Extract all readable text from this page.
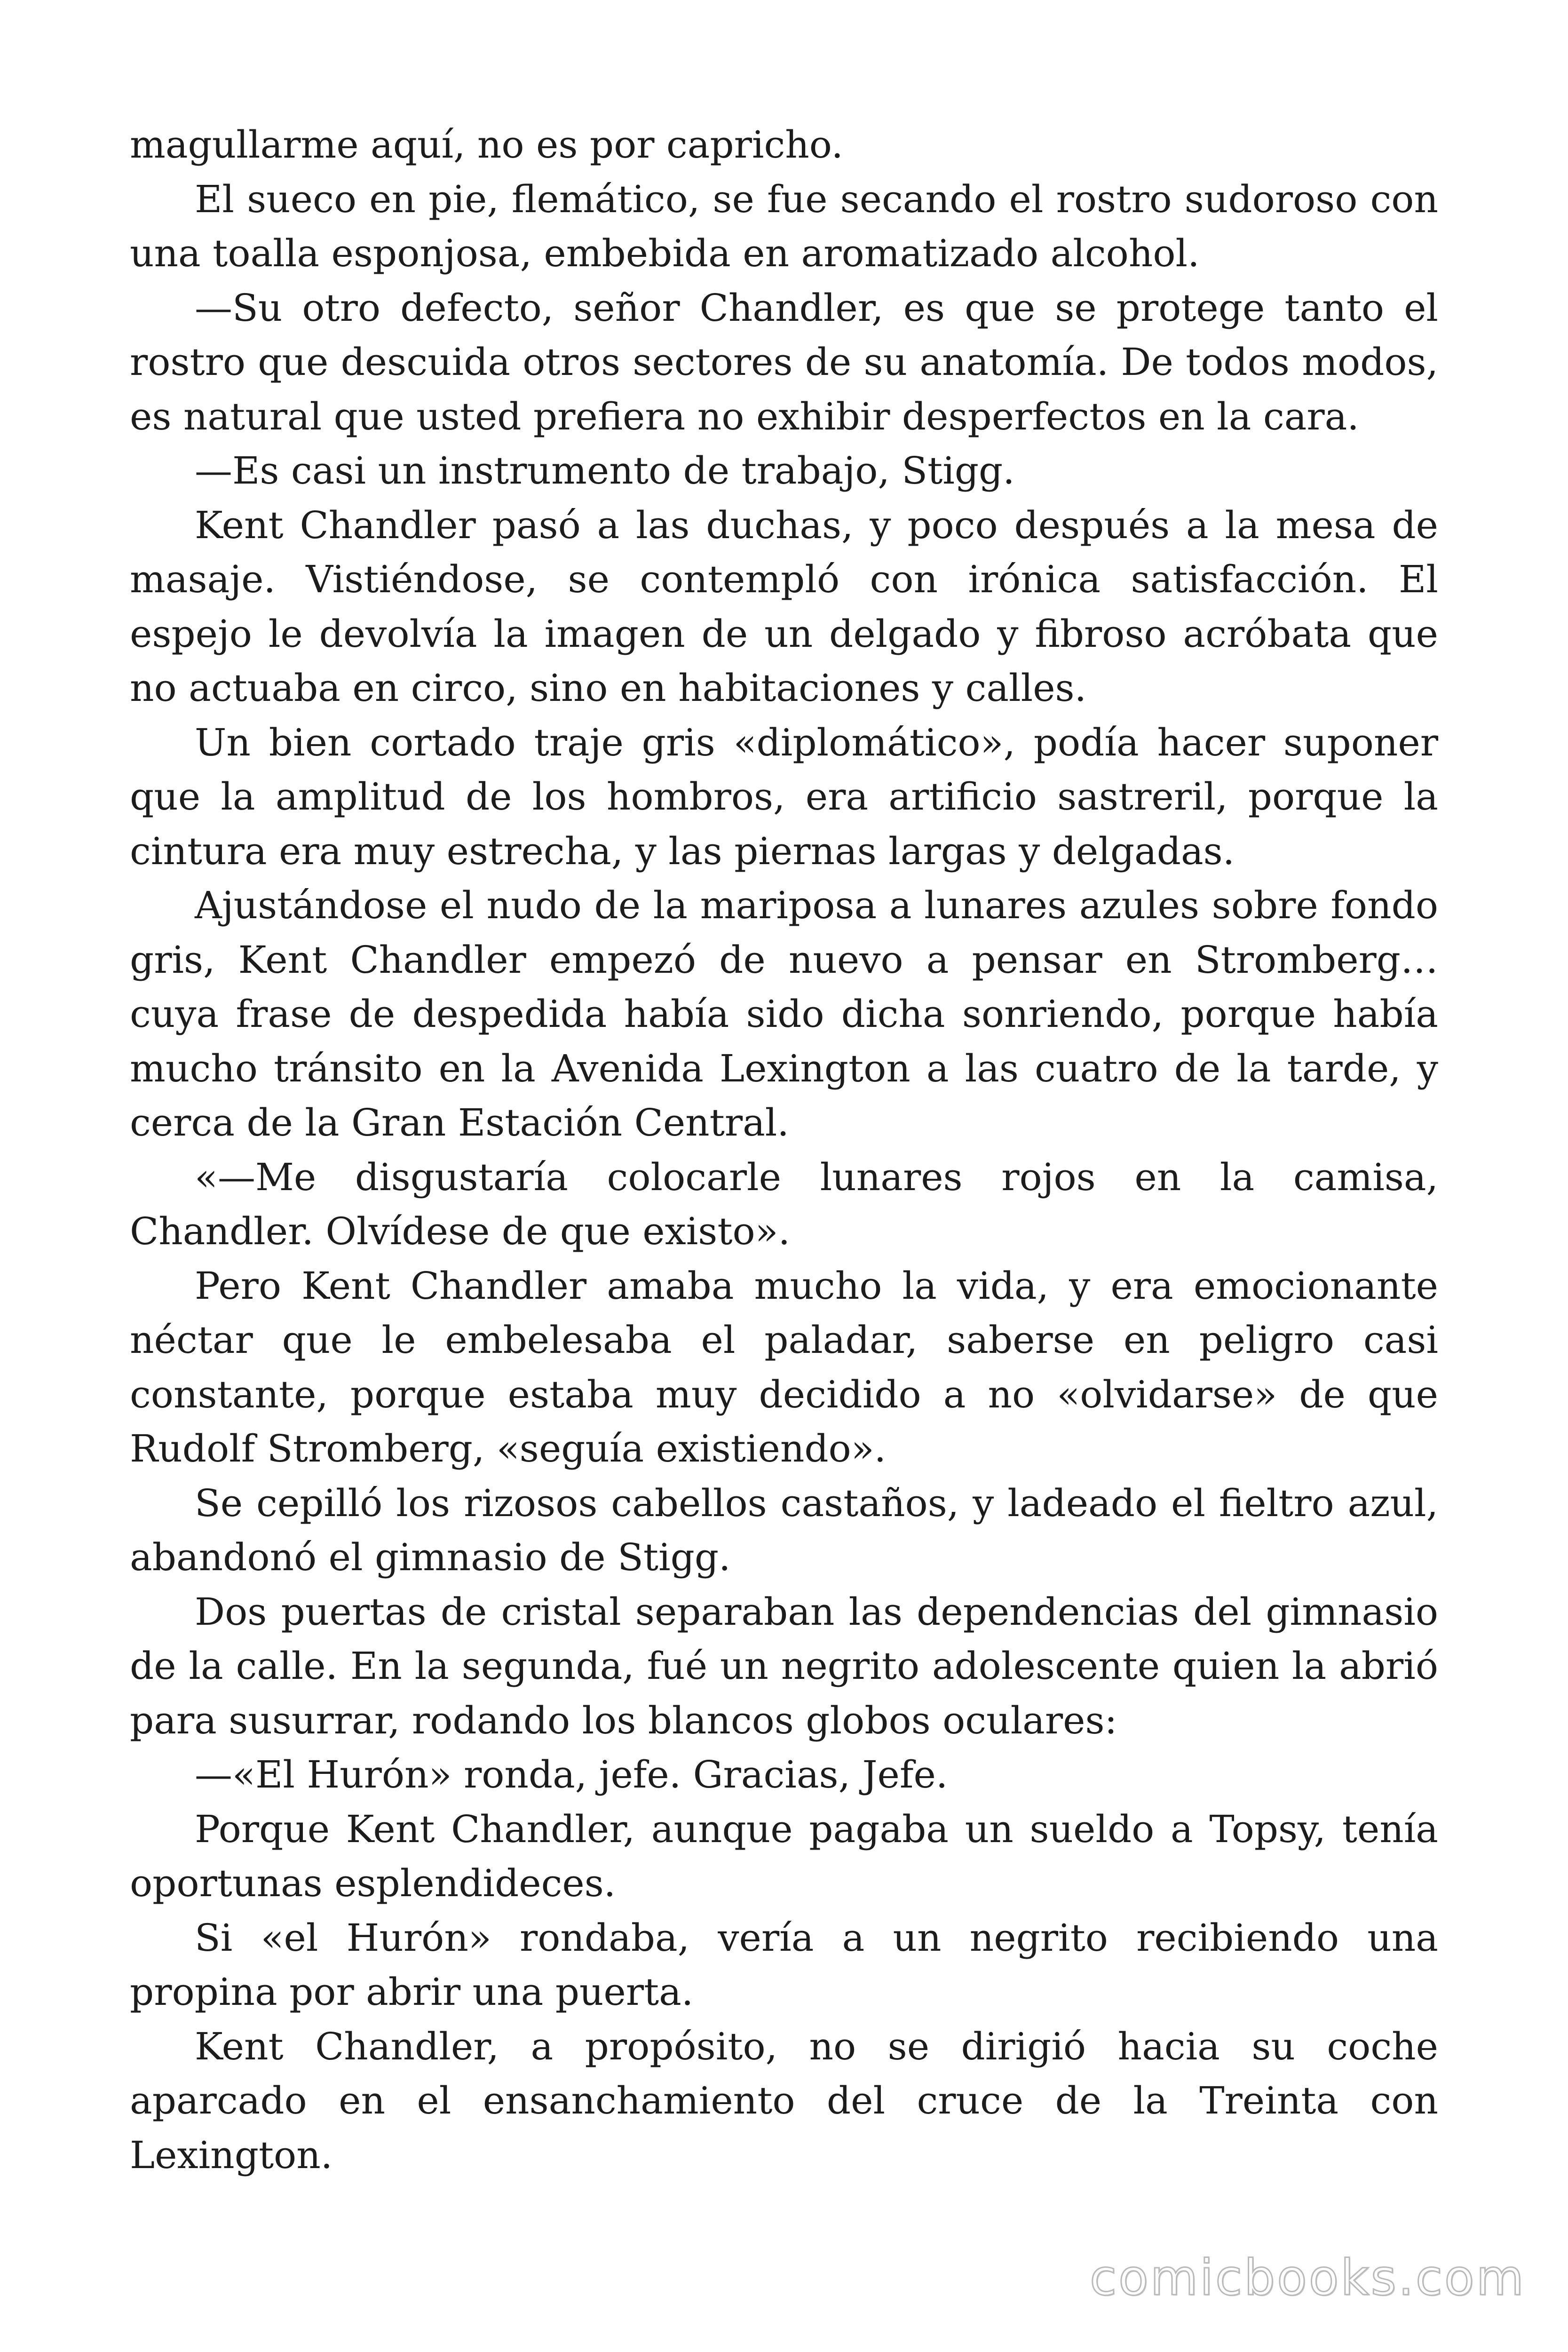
magullarme aquí, no es por capricho.

El sueco en pie, flemático, se fue secando el rostro sudoroso con una toalla esponjosa, embebida en aromatizado alcohol.

—Su otro defecto, señor Chandler, es que se protege tanto el rostro que descuida otros sectores de su anatomía. De todos modos, es natural que usted prefiera no exhibir desperfectos en la cara.

—Es casi un instrumento de trabajo, Stigg.

Kent Chandler pasó a las duchas, y poco después a la mesa de masaje. Vistiéndose, se contempló con irónica satisfacción. El espejo le devolvía la imagen de un delgado y fibroso acróbata que no actuaba en circo, sino en habitaciones y calles.

Un bien cortado traje gris «diplomático», podía hacer suponer que la amplitud de los hombros, era artificio sastreril, porque la cintura era muy estrecha, y las piernas largas y delgadas.

Ajustándose el nudo de la mariposa a lunares azules sobre fondo gris, Kent Chandler empezó de nuevo a pensar en Stromberg… cuya frase de despedida había sido dicha sonriendo, porque había mucho tránsito en la Avenida Lexington a las cuatro de la tarde, y cerca de la Gran Estación Central.

«—Me disgustaría colocarle lunares rojos en la camisa, Chandler. Olvídese de que existo».

Pero Kent Chandler amaba mucho la vida, y era emocionante néctar que le embelesaba el paladar, saberse en peligro casi constante, porque estaba muy decidido a no «olvidarse» de que Rudolf Stromberg, «seguía existiendo».

Se cepilló los rizosos cabellos castaños, y ladeado el fieltro azul, abandonó el gimnasio de Stigg.

Dos puertas de cristal separaban las dependencias del gimnasio de la calle. En la segunda, fué un negrito adolescente quien la abrió para susurrar, rodando los blancos globos oculares:

—«El Hurón» ronda, jefe. Gracias, Jefe.

Porque Kent Chandler, aunque pagaba un sueldo a Topsy, tenía oportunas esplendideces.

Si «el Hurón» rondaba, vería a un negrito recibiendo una propina por abrir una puerta.

Kent Chandler, a propósito, no se dirigió hacia su coche aparcado en el ensanchamiento del cruce de la Treinta con Lexington.

comicbooks.com
